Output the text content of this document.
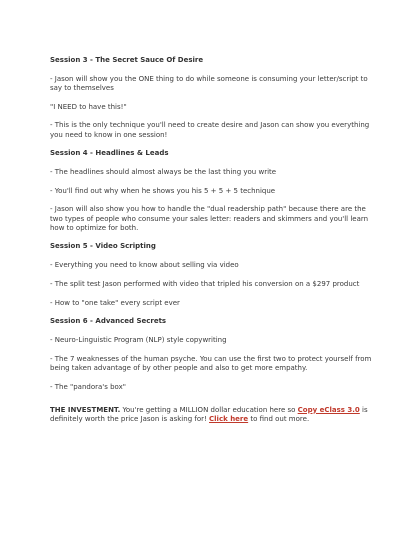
Session 3 - The Secret Sauce Of Desire
- Jason will show you the ONE thing to do while someone is consuming your letter/script to say to themselves
"I NEED to have this!"
- This is the only technique you'll need to create desire and Jason can show you everything you need to know in one session!
Session 4 - Headlines & Leads
- The headlines should almost always be the last thing you write
- You'll find out why when he shows you his 5 + 5 + 5 technique
- Jason will also show you how to handle the "dual readership path" because there are the two types of people who consume your sales letter: readers and skimmers and you'll learn how to optimize for both.
Session 5 - Video Scripting
- Everything you need to know about selling via video
- The split test Jason performed with video that tripled his conversion on a $297 product
- How to "one take" every script ever
Session 6 - Advanced Secrets
- Neuro-Linguistic Program (NLP) style copywriting
- The 7 weaknesses of the human psyche. You can use the first two to protect yourself from being taken advantage of by other people and also to get more empathy.
- The "pandora's box"
THE INVESTMENT. You're getting a MILLION dollar education here so Copy eClass 3.0 is definitely worth the price Jason is asking for! Click here to find out more.
